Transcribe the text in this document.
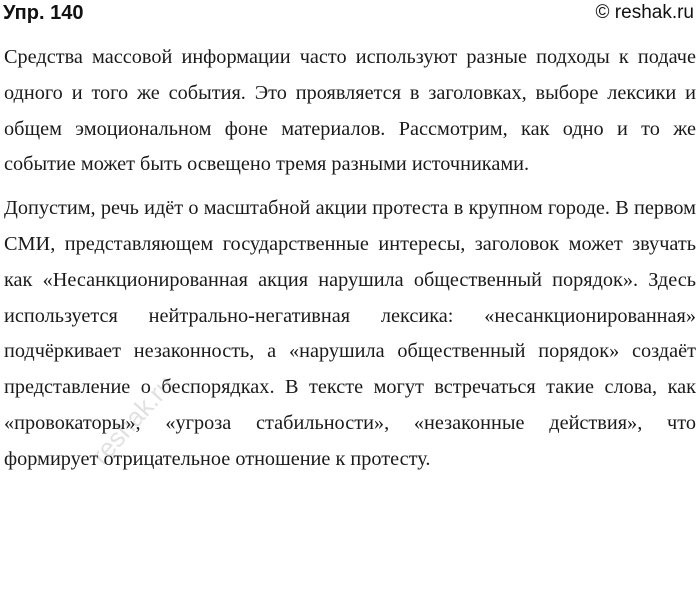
Упр. 140	© reshak.ru

Средства массовой информации часто используют разные подходы к подаче одного и того же события. Это проявляется в заголовках, выборе лексики и общем эмоциональном фоне материалов. Рассмотрим, как одно и то же событие может быть освещено тремя разными источниками.

Допустим, речь идёт о масштабной акции протеста в крупном городе. В первом СМИ, представляющем государственные интересы, заголовок может звучать как «Несанкционированная акция нарушила общественный порядок». Здесь используется нейтрально-негативная лексика: «несанкционированная» подчёркивает незаконность, а «нарушила общественный порядок» создаёт представление о беспорядках. В тексте могут встречаться такие слова, как «провокаторы», «угроза стабильности», «незаконные действия», что формирует отрицательное отношение к протесту.

reshak.ru
